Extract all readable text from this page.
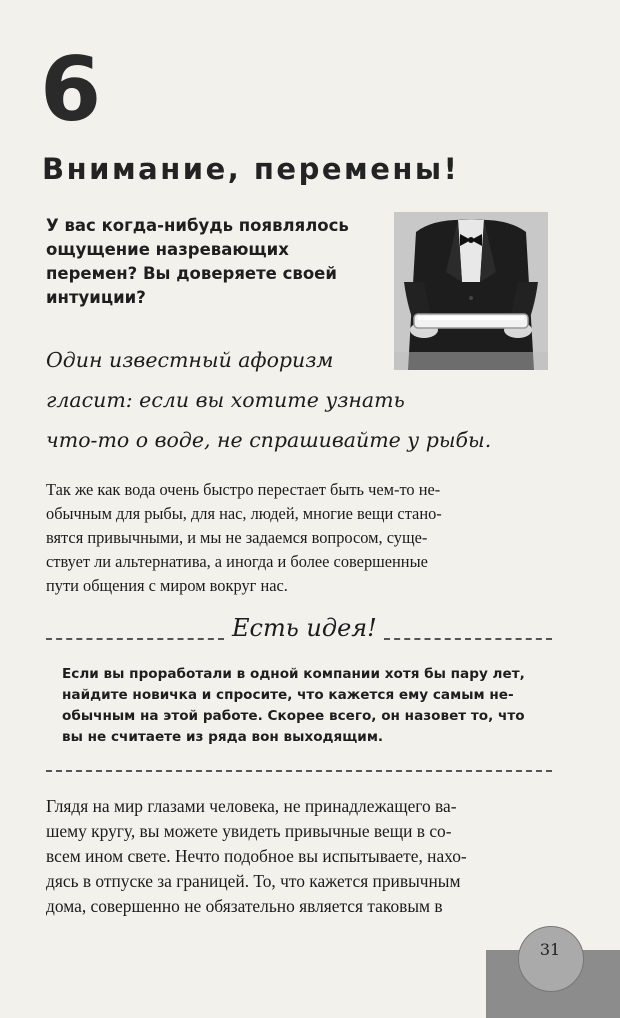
6
Внимание, перемены!
У вас когда-нибудь появлялось
ощущение назревающих
перемен? Вы доверяете своей
интуиции?
Один известный афоризм
гласит: если вы хотите узнать
что-то о воде, не спрашивайте у рыбы.
Так же как вода очень быстро перестает быть чем-то не-
обычным для рыбы, для нас, людей, многие вещи стано-
вятся привычными, и мы не задаемся вопросом, суще-
ствует ли альтернатива, а иногда и более совершенные
пути общения с миром вокруг нас.
Есть идея!
Если вы проработали в одной компании хотя бы пару лет,
найдите новичка и спросите, что кажется ему самым не-
обычным на этой работе. Скорее всего, он назовет то, что
вы не считаете из ряда вон выходящим.
Глядя на мир глазами человека, не принадлежащего ва-
шему кругу, вы можете увидеть привычные вещи в со-
всем ином свете. Нечто подобное вы испытываете, нахо-
дясь в отпуске за границей. То, что кажется привычным
дома, совершенно не обязательно является таковым в
31
